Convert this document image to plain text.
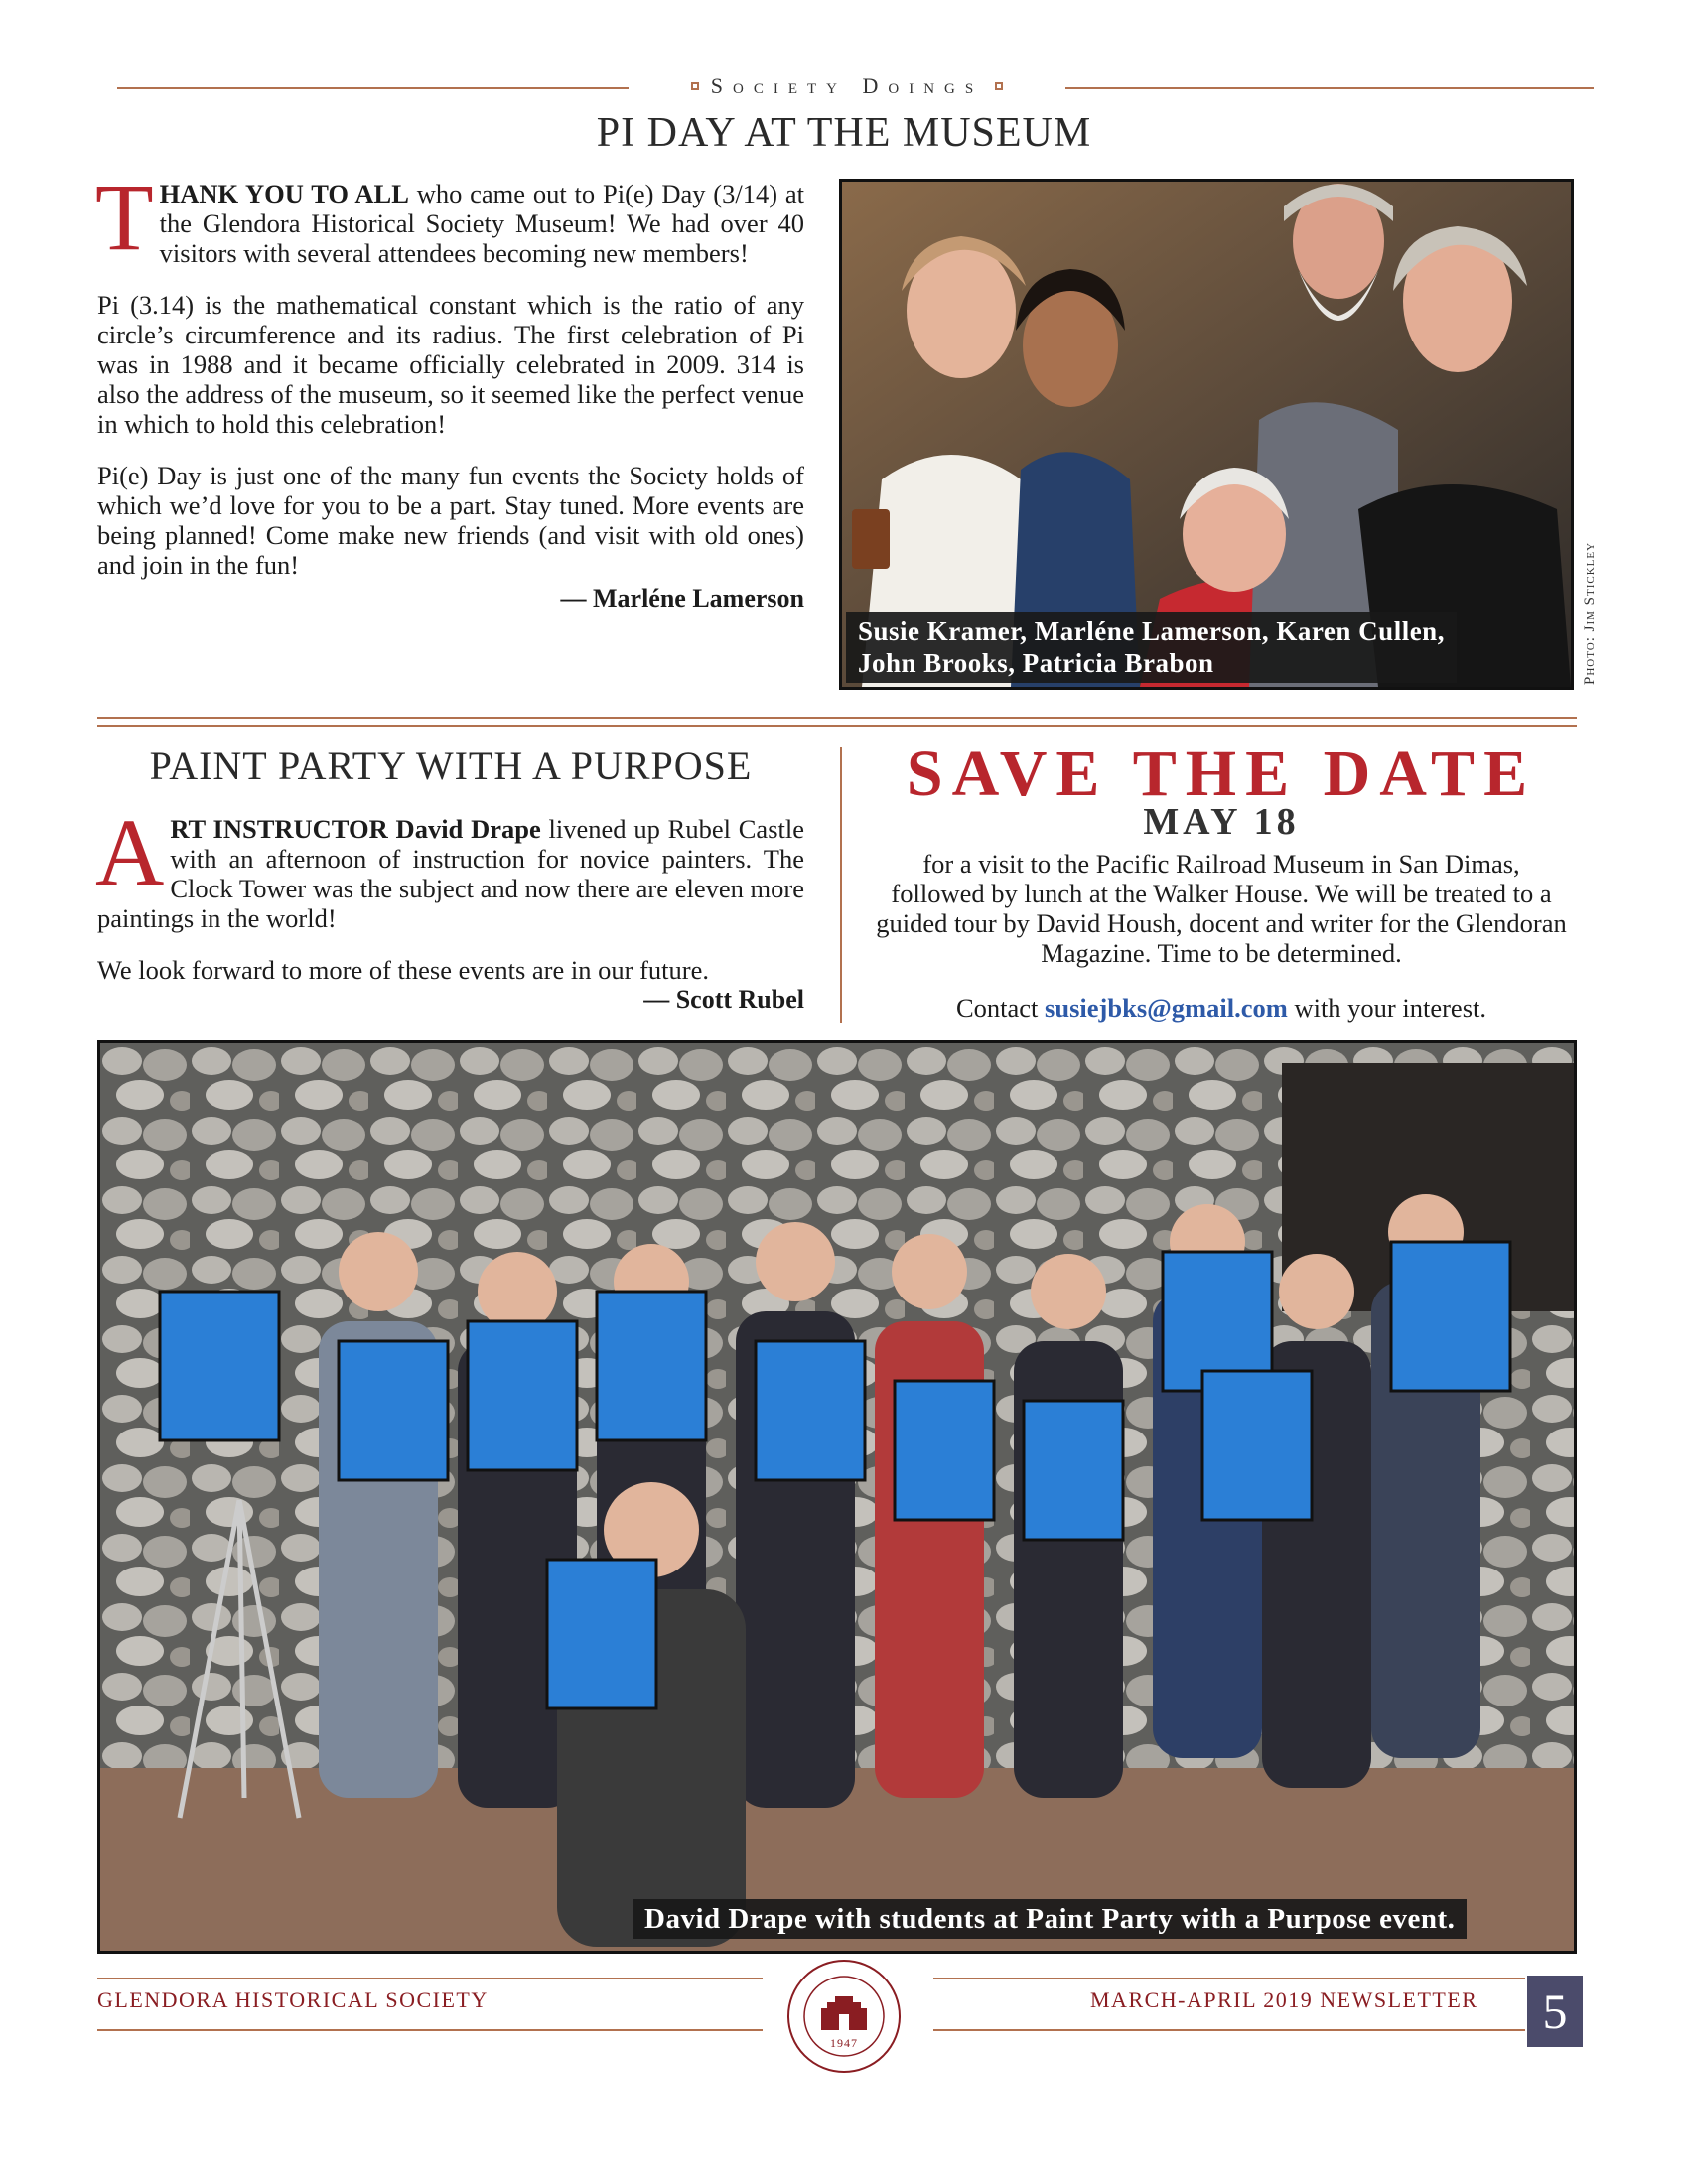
Society Doings
PI DAY AT THE MUSEUM

THANK YOU TO ALL who came out to Pi(e) Day (3/14) at the Glendora Historical Society Museum! We had over 40 visitors with several attendees becoming new members!

Pi (3.14) is the mathematical constant which is the ratio of any circle’s circumference and its radius. The first celebration of Pi was in 1988 and it became officially celebrated in 2009. 314 is also the address of the museum, so it seemed like the perfect venue in which to hold this celebration!

Pi(e) Day is just one of the many fun events the Society holds of which we’d love for you to be a part. Stay tuned. More events are being planned! Come make new friends (and visit with old ones) and join in the fun!

— Marléne Lamerson
Susie Kramer, Marléne Lamerson, Karen Cullen,
John Brooks, Patricia Brabon	Photo: Jim Stickley
PAINT PARTY WITH A PURPOSE

ART INSTRUCTOR David Drape livened up Rubel Castle with an afternoon of instruction for novice painters. The Clock Tower was the subject and now there are eleven more paintings in the world!

We look forward to more of these events are in our future.

— Scott Rubel
SAVE THE DATE
MAY 18
for a visit to the Pacific Railroad Museum in San Dimas, followed by lunch at the Walker House. We will be treated to a guided tour by David Housh, docent and writer for the Glendoran Magazine. Time to be determined.
Contact susiejbks@gmail.com with your interest.
David Drape with students at Paint Party with a Purpose event.
GLENDORA HISTORICAL SOCIETY	MARCH-APRIL 2019 NEWSLETTER
1947
5
